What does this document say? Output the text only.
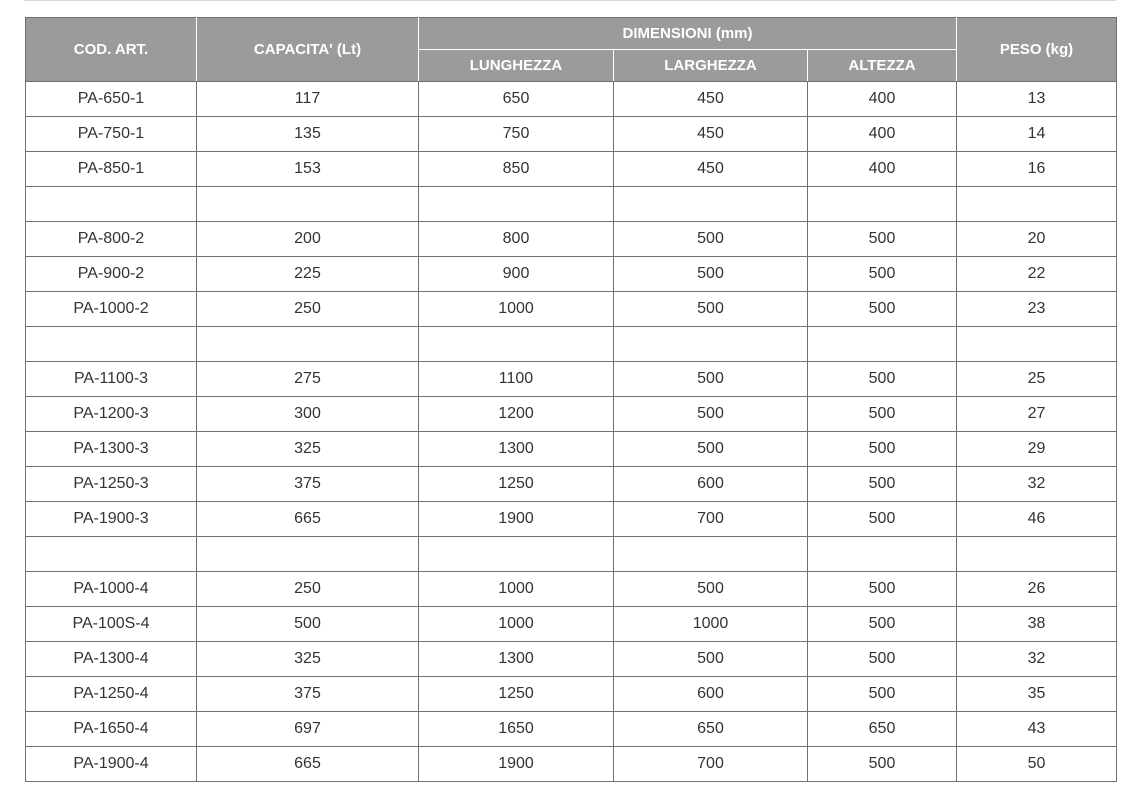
COD. ART.	CAPACITA' (Lt)	DIMENSIONI (mm)			PESO (kg)
		LUNGHEZZA	LARGHEZZA	ALTEZZA	
PA-650-1	117	650	450	400	13
PA-750-1	135	750	450	400	14
PA-850-1	153	850	450	400	16

PA-800-2	200	800	500	500	20
PA-900-2	225	900	500	500	22
PA-1000-2	250	1000	500	500	23

PA-1100-3	275	1100	500	500	25
PA-1200-3	300	1200	500	500	27
PA-1300-3	325	1300	500	500	29
PA-1250-3	375	1250	600	500	32
PA-1900-3	665	1900	700	500	46

PA-1000-4	250	1000	500	500	26
PA-100S-4	500	1000	1000	500	38
PA-1300-4	325	1300	500	500	32
PA-1250-4	375	1250	600	500	35
PA-1650-4	697	1650	650	650	43
PA-1900-4	665	1900	700	500	50
